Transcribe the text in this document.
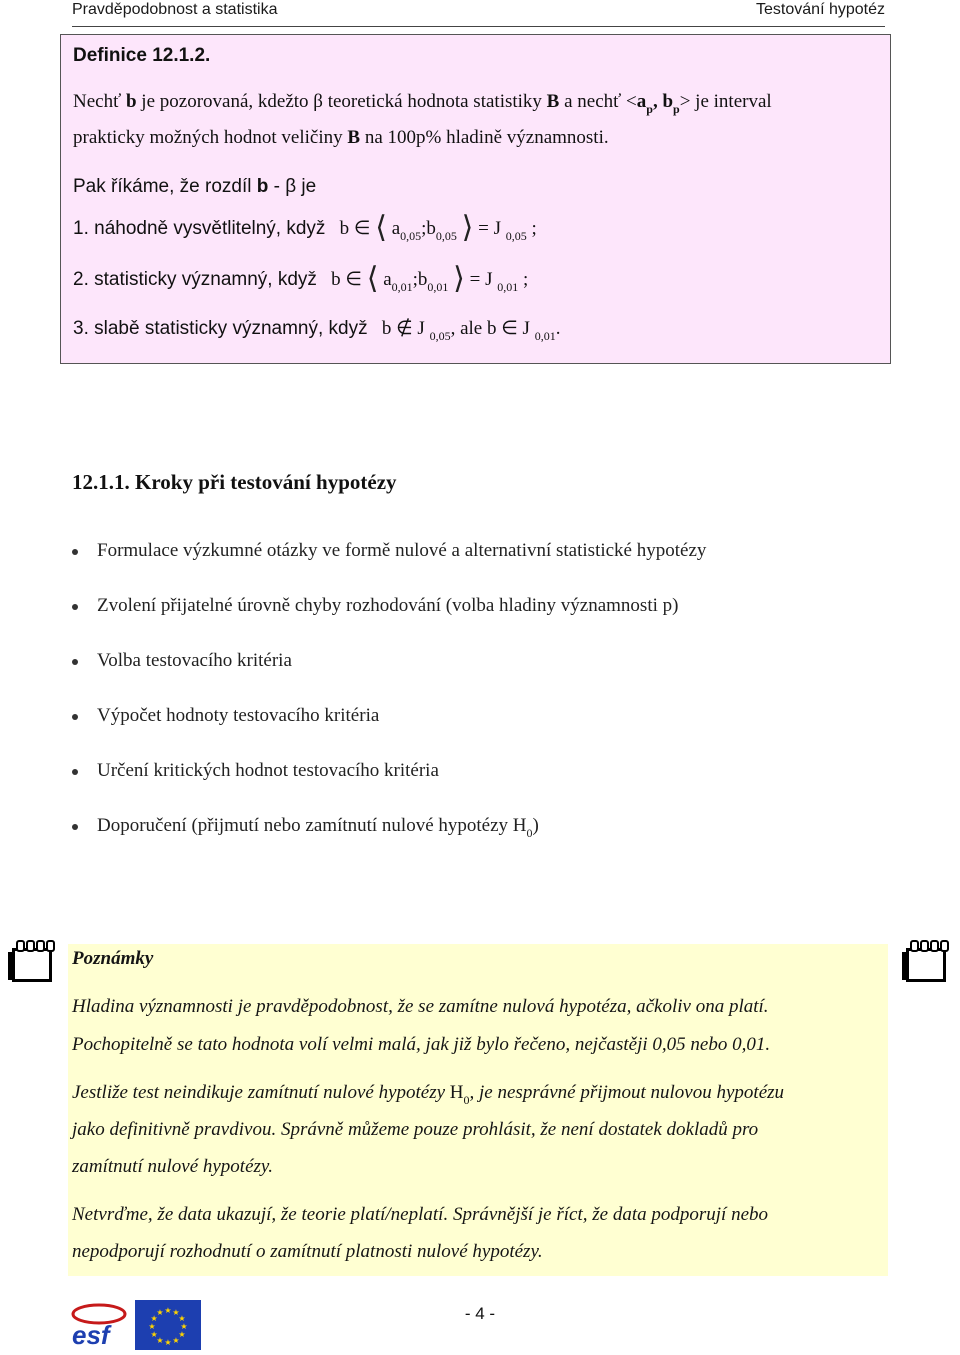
Pravděpodobnost a statistika	Testování hypotéz
Definice 12.1.2.
Nechť b je pozorovaná, kdežto β teoretická hodnota statistiky B a nechť $<a_p$, $b_p>$ je interval
prakticky možných hodnot veličiny B na 100p% hladině významnosti.
Pak říkáme, že rozdíl b - β je
1. náhodně vysvětlitelný, když b ∈ ⟨ $a_{0,05};b_{0,05}$ ⟩ = J $_{0,05}$ ;
2. statisticky významný, když b ∈ ⟨ $a_{0,01};b_{0,01}$ ⟩ = J $_{0,01}$ ;
3. slabě statisticky významný, když b ∉ J $_{0,05}$, ale b ∈ J $_{0,01}$.
12.1.1. Kroky při testování hypotézy
Formulace výzkumné otázky ve formě nulové a alternativní statistické hypotézy
Zvolení přijatelné úrovně chyby rozhodování (volba hladiny významnosti p)
Volba testovacího kritéria
Výpočet hodnoty testovacího kritéria
Určení kritických hodnot testovacího kritéria
Doporučení (přijmutí nebo zamítnutí nulové hypotézy $H_0$)
Poznámky
Hladina významnosti je pravděpodobnost, že se zamítne nulová hypotéza, ačkoliv ona platí.
Pochopitelně se tato hodnota volí velmi malá, jak již bylo řečeno, nejčastěji 0,05 nebo 0,01.
Jestliže test neindikuje zamítnutí nulové hypotézy $H_0$, je nesprávné přijmout nulovou hypotézu
jako definitivně pravdivou. Správně můžeme pouze prohlásit, že není dostatek dokladů pro
zamítnutí nulové hypotézy.
Netvrďme, že data ukazují, že teorie platí/neplatí. Správnější je říct, že data podporují nebo
nepodporují rozhodnutí o zamítnutí platnosti nulové hypotézy.
esf	★
★
★
★
★
★
★
★
★ ★ ★
★	- 4 -
